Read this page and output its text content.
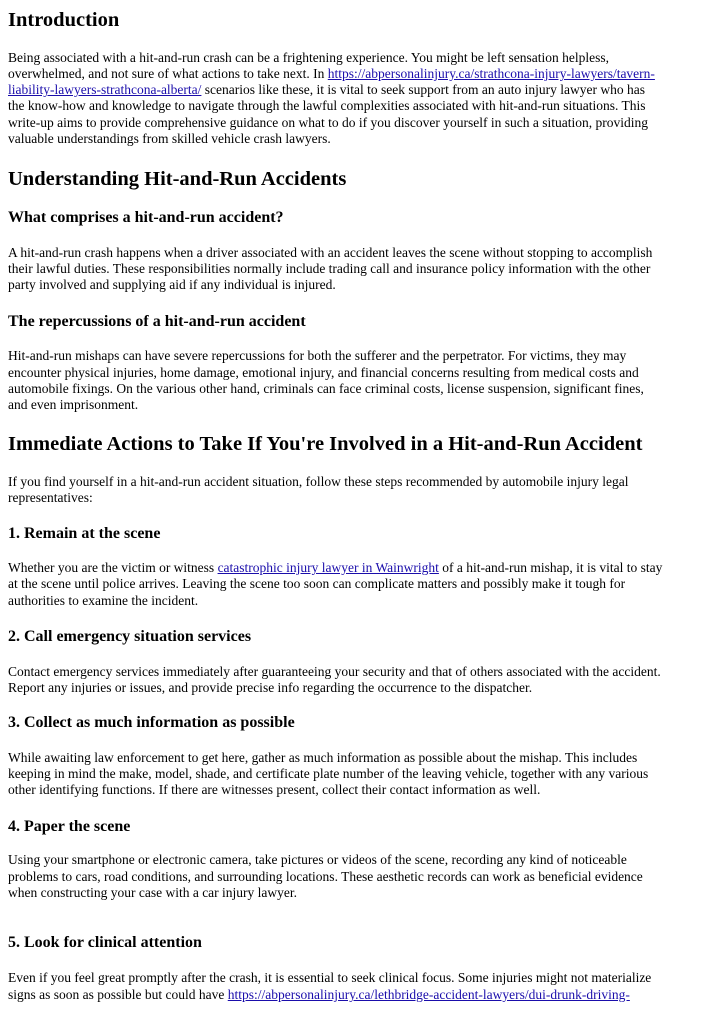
Introduction

Being associated with a hit-and-run crash can be a frightening experience. You might be left sensation helpless,

overwhelmed, and not sure of what actions to take next. In https://abpersonalinjury.ca/strathcona-injury-lawyers/tavern-

liability-lawyers-strathcona-alberta/ scenarios like these, it is vital to seek support from an auto injury lawyer who has

the know-how and knowledge to navigate through the lawful complexities associated with hit-and-run situations. This

write-up aims to provide comprehensive guidance on what to do if you discover yourself in such a situation, providing

valuable understandings from skilled vehicle crash lawyers.

Understanding Hit-and-Run Accidents
What comprises a hit-and-run accident?

A hit-and-run crash happens when a driver associated with an accident leaves the scene without stopping to accomplish

their lawful duties. These responsibilities normally include trading call and insurance policy information with the other

party involved and supplying aid if any individual is injured.

The repercussions of a hit-and-run accident

Hit-and-run mishaps can have severe repercussions for both the sufferer and the perpetrator. For victims, they may

encounter physical injuries, home damage, emotional injury, and financial concerns resulting from medical costs and

automobile fixings. On the various other hand, criminals can face criminal costs, license suspension, significant fines,

and even imprisonment.

Immediate Actions to Take If You're Involved in a Hit-and-Run Accident

If you find yourself in a hit-and-run accident situation, follow these steps recommended by automobile injury legal

representatives:

1. Remain at the scene

Whether you are the victim or witness catastrophic injury lawyer in Wainwright of a hit-and-run mishap, it is vital to stay

at the scene until police arrives. Leaving the scene too soon can complicate matters and possibly make it tough for

authorities to examine the incident.

2. Call emergency situation services

Contact emergency services immediately after guaranteeing your security and that of others associated with the accident.

Report any injuries or issues, and provide precise info regarding the occurrence to the dispatcher.

3. Collect as much information as possible

While awaiting law enforcement to get here, gather as much information as possible about the mishap. This includes

keeping in mind the make, model, shade, and certificate plate number of the leaving vehicle, together with any various

other identifying functions. If there are witnesses present, collect their contact information as well.

4. Paper the scene

Using your smartphone or electronic camera, take pictures or videos of the scene, recording any kind of noticeable

problems to cars, road conditions, and surrounding locations. These aesthetic records can work as beneficial evidence

when constructing your case with a car injury lawyer.

5. Look for clinical attention

Even if you feel great promptly after the crash, it is essential to seek clinical focus. Some injuries might not materialize

signs as soon as possible but could have https://abpersonalinjury.ca/lethbridge-accident-lawyers/dui-drunk-driving-
